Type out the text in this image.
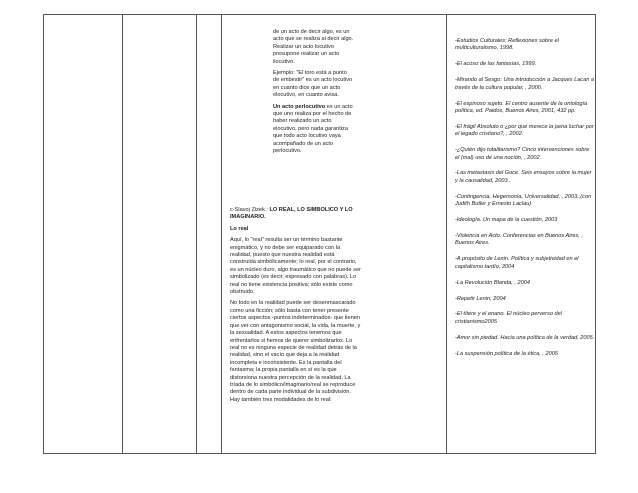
de un acto de decir algo, es un
acto que se realiza al decir algo.
Realizar un acto locutivo
presupone realizar un acto
ilocutivo.

Ejemplo: "El toro está a punto
de embestir" es un acto locutivo
en cuanto dice que un acto
elocutivo, en cuanto avisa.

Un acto perlocutivo es un acto
que uno realiza por el hecho de
haber realizado un acto
elocutivo, pero nada garantiza
que todo acto locutivo vaya
acompañado de un acto
perlocutivo.

c-Slavoj Žizek : LO REAL, LO SIMBÓLICO Y LO
IMAGINARIO.

Lo real

Aquí, lo "real" resulta ser un término bastante
enigmático, y no debe ser equiparado con la
realidad, puesto que nuestra realidad está
construida simbólicamente; lo real, por el contrario,
es un núcleo duro, algo traumático que no puede ser
simbolizado (es decir, expresado con palabras). Lo
real no tiene existencia positiva; sólo existe como
obstruido.

No todo en la realidad puede ser desenmascarado
como una ficción; sólo basta con tener presente
ciertos aspectos -puntos indeterminados- que tienen
que ver con antagonismo social, la vida, la muerte, y
la sexualidad. A estos aspectos tenemos que
enfrentarlos si hemos de querer simbolizarlos. Lo
real no es ninguna especie de realidad detrás de la
realidad, sino el vacío que deja a la realidad
incompleta e inconsistente. Es la pantalla del
fantasma; la propia pantalla en sí es la que
distorsiona nuestra percepción de la realidad. La
tríada de lo simbólico/imaginario/real se reproduce
dentro de cada parte individual de la subdivisión.
Hay también tres modalidades de lo real:

-Estudios Culturales: Reflexiones sobre el multiculturalismo, 1998.

-El acoso de las fantasías, 1999.

-Mirando al Sesgo: Una introducción a Jacques Lacan a través de la cultura popular, , 2000.

-El espinoso sujeto. El centro ausente de la ontología política, ed. Paidos, Buenos Aires, 2001, 432 pp.

-El frágil Absoluto o ¿por qué merece la pena luchar por el legado cristiano?, , 2002.

-¿Quién dijo totalitarismo? Cinco intervenciones sobre el (mal) uso de una noción, , 2002.

-Las metastasis del Goce. Seis ensayos sobre la mujer y la causalidad, 2003..

-Contingencia, Hegemonía, Universalidad, , 2003..(con Judith Butler y Ernesto Laclau)

-Ideología. Un mapa de la cuestión, 2003

-Violencia en Acto. Conferencias en Buenos Aires, , Buenos Aires.

-A propósito de Lenin. Política y subjetividad en el capitalismo tardío, 2004

-La Revolución Blanda, , 2004

-Repetir Lenin, 2004

-El títere y el enano. El núcleo perverso del cristianismo2005

-Amor sin piedad. Hacia una política de la verdad, 2005.

-La suspensión política de la ética, , 2005
